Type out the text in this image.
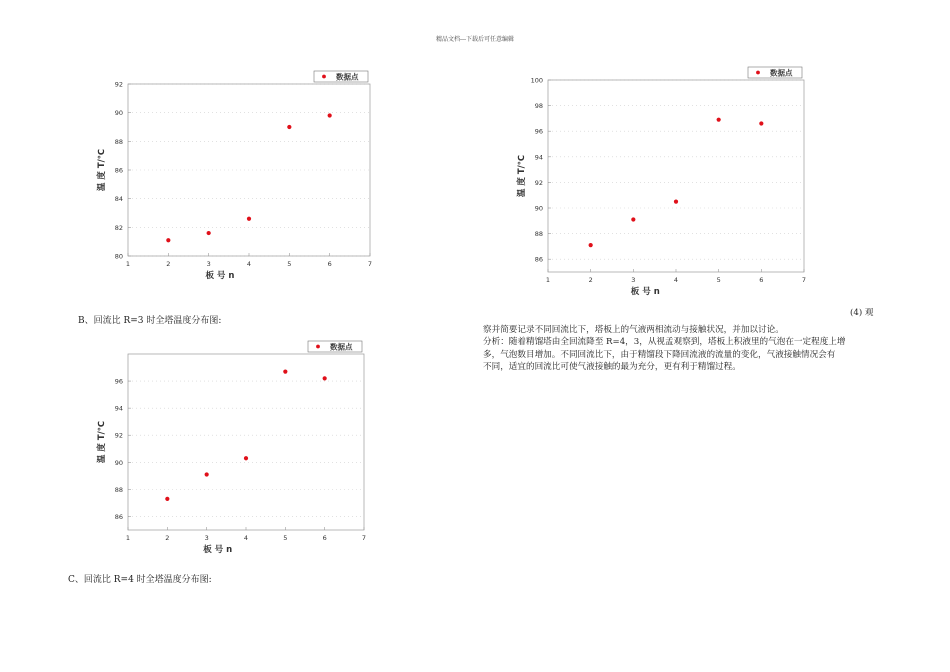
精品文档---下载后可任意编辑
80
82
84
86
88
90
92
1	2	3	4	5	6	7
板 号 n
温 度 T/℃
数据点
B、回流比 R=3 时全塔温度分布图:
86
88
90
92
94
96
1	2	3	4	5	6	7
板 号 n
温 度 T/℃
数据点
C、回流比 R=4 时全塔温度分布图:
86
88
90
92
94
96
98
100
1	2	3	4	5	6	7
板 号 n
温 度 T/℃
数据点
(4) 观
察并简要记录不同回流比下，塔板上的气液两相流动与接触状况，并加以讨论。
分析：随着精馏塔由全回流降至 R=4，3，从视孟观察到，塔板上积液里的气泡在一定程度上增
多，气泡数目增加。不同回流比下，由于精馏段下降回流液的流量的变化，气液接触情况会有
不同，适宜的回流比可使气液接触的最为充分，更有利于精馏过程。
